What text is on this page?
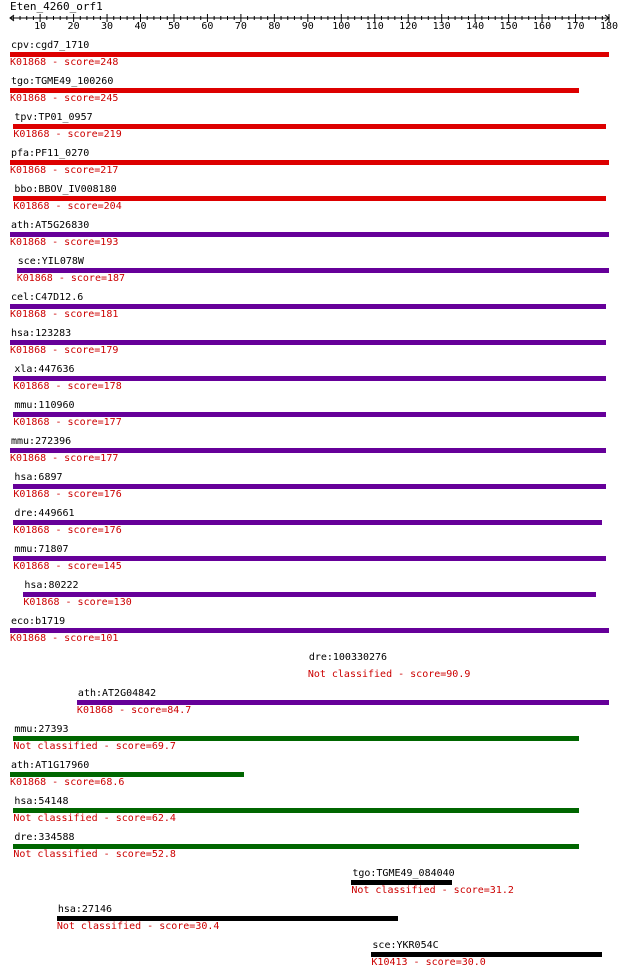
Eten_4260_orf1
10	20	30	40	50	60	70	80	90	100	110	120	130	140	150	160	170	180
cpv:cgd7_1710
K01868 - score=248
tgo:TGME49_100260
K01868 - score=245
tpv:TP01_0957
K01868 - score=219
pfa:PF11_0270
K01868 - score=217
bbo:BBOV_IV008180
K01868 - score=204
ath:AT5G26830
K01868 - score=193
sce:YIL078W
K01868 - score=187
cel:C47D12.6
K01868 - score=181
hsa:123283
K01868 - score=179
xla:447636
K01868 - score=178
mmu:110960
K01868 - score=177
mmu:272396
K01868 - score=177
hsa:6897
K01868 - score=176
dre:449661
K01868 - score=176
mmu:71807
K01868 - score=145
hsa:80222
K01868 - score=130
eco:b1719
K01868 - score=101
dre:100330276
Not classified - score=90.9
ath:AT2G04842
K01868 - score=84.7
mmu:27393
Not classified - score=69.7
ath:AT1G17960
K01868 - score=68.6
hsa:54148
Not classified - score=62.4
dre:334588
Not classified - score=52.8
tgo:TGME49_084040
Not classified - score=31.2
hsa:27146
Not classified - score=30.4
sce:YKR054C
K10413 - score=30.0
